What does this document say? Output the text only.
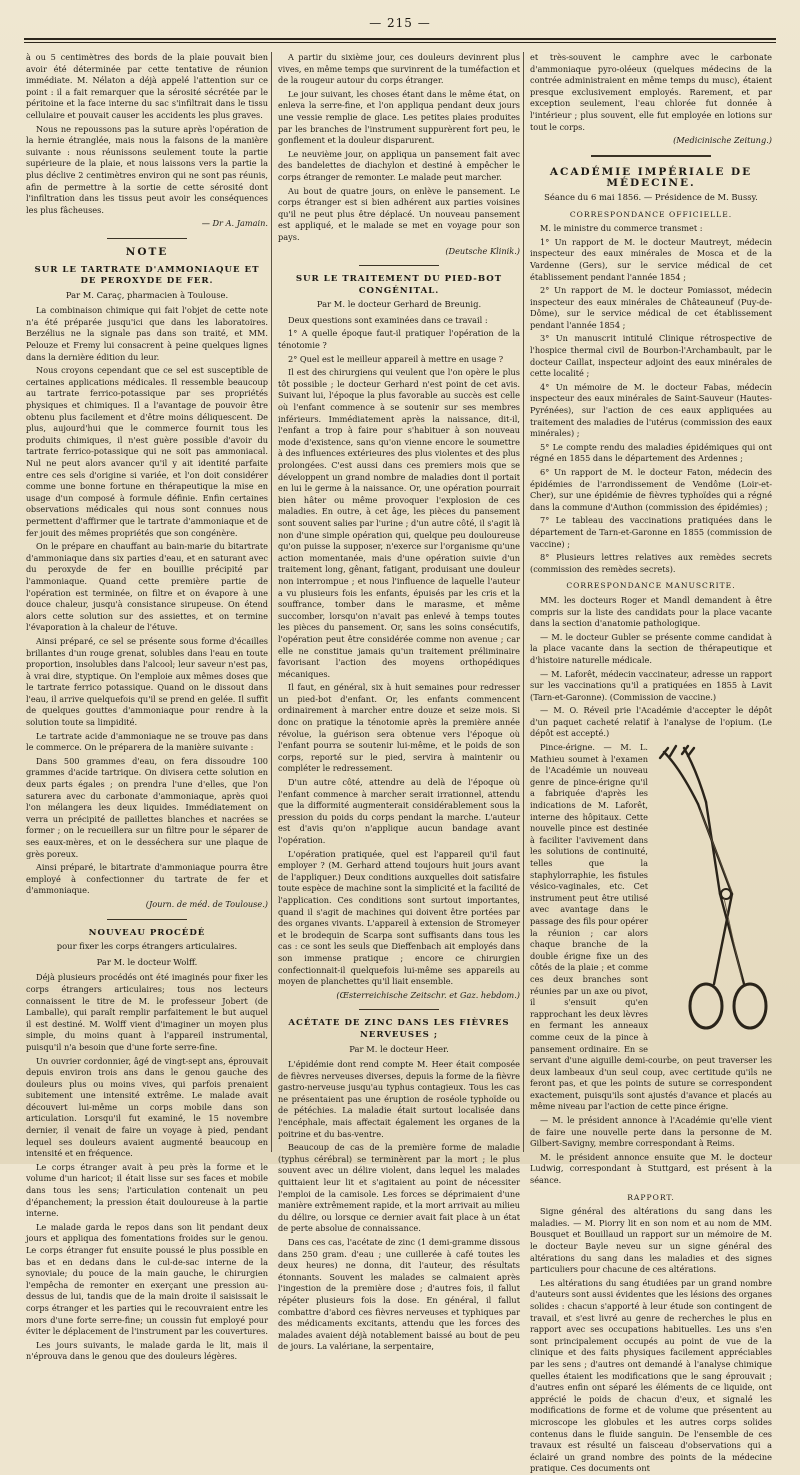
— 215 —

à ou 5 centimètres des bords de la plaie pouvait bien avoir été déterminée par cette tentative de réunion immédiate. M. Nélaton a déjà appelé l'attention sur ce point : il a fait remarquer que la sérosité sécrétée par le péritoine et la face interne du sac s'infiltrait dans le tissu cellulaire et pouvait causer les accidents les plus graves.

Nous ne repoussons pas la suture après l'opération de la hernie étranglée, mais nous la faisons de la manière suivante : nous réunissons seulement toute la partie supérieure de la plaie, et nous laissons vers la partie la plus déclive 2 centimètres environ qui ne sont pas réunis, afin de permettre à la sortie de cette sérosité dont l'infiltration dans les tissus peut avoir les conséquences les plus fâcheuses.

— Dr A. Jamain.
NOTE
SUR LE TARTRATE D'AMMONIAQUE ET DE PEROXYDE DE FER.
Par M. Caraç, pharmacien à Toulouse.

La combinaison chimique qui fait l'objet de cette note n'a été préparée jusqu'ici que dans les laboratoires. Berzélius ne la signale pas dans son traité, et MM. Pelouze et Fremy lui consacrent à peine quelques lignes dans la dernière édition du leur.

Nous croyons cependant que ce sel est susceptible de certaines applications médicales. Il ressemble beaucoup au tartrate ferrico-potassique par ses propriétés physiques et chimiques. Il a l'avantage de pouvoir être obtenu plus facilement et d'être moins déliquescent. De plus, aujourd'hui que le commerce fournit tous les produits chimiques, il n'est guère possible d'avoir du tartrate ferrico-potassique qui ne soit pas ammoniacal. Nul ne peut alors avancer qu'il y ait identité parfaite entre ces sels d'origine si variée, et l'on doit considérer comme une bonne fortune en thérapeutique la mise en usage d'un composé à formule définie. Enfin certaines observations médicales qui nous sont connues nous permettent d'affirmer que le tartrate d'ammoniaque et de fer jouit des mêmes propriétés que son congénère.

On le prépare en chauffant au bain-marie du bitartrate d'ammoniaque dans six parties d'eau, et en saturant avec du peroxyde de fer en bouillie précipité par l'ammoniaque. Quand cette première partie de l'opération est terminée, on filtre et on évapore à une douce chaleur, jusqu'à consistance sirupeuse. On étend alors cette solution sur des assiettes, et on termine l'évaporation à la chaleur de l'étuve.

Ainsi préparé, ce sel se présente sous forme d'écailles brillantes d'un rouge grenat, solubles dans l'eau en toute proportion, insolubles dans l'alcool; leur saveur n'est pas, à vrai dire, styptique. On l'emploie aux mêmes doses que le tartrate ferrico potassique. Quand on le dissout dans l'eau, il arrive quelquefois qu'il se prend en gelée. Il suffit de quelques gouttes d'ammoniaque pour rendre à la solution toute sa limpidité.

Le tartrate acide d'ammoniaque ne se trouve pas dans le commerce. On le préparera de la manière suivante :

Dans 500 grammes d'eau, on fera dissoudre 100 grammes d'acide tartrique. On divisera cette solution en deux parts égales ; on prendra l'une d'elles, que l'on saturera avec du carbonate d'ammoniaque, après quoi l'on mélangera les deux liquides. Immédiatement on verra un précipité de paillettes blanches et nacrées se former ; on le recueillera sur un filtre pour le séparer de ses eaux-mères, et on le desséchera sur une plaque de grès poreux.

Ainsi préparé, le bitartrate d'ammoniaque pourra être employé à confectionner du tartrate de fer et d'ammoniaque.

(Journ. de méd. de Toulouse.)
NOUVEAU PROCÉDÉ
pour fixer les corps étrangers articulaires.
Par M. le docteur Wolff.

Déjà plusieurs procédés ont été imaginés pour fixer les corps étrangers articulaires; tous nos lecteurs connaissent le titre de M. le professeur Jobert (de Lamballe), qui paraît remplir parfaitement le but auquel il est destiné. M. Wolff vient d'imaginer un moyen plus simple, du moins quant à l'appareil instrumental, puisqu'il n'a besoin que d'une forte serre-fine.

Un ouvrier cordonnier, âgé de vingt-sept ans, éprouvait depuis environ trois ans dans le genou gauche des douleurs plus ou moins vives, qui parfois prenaient subitement une intensité extrême. Le malade avait découvert lui-même un corps mobile dans son articulation. Lorsqu'il fut examiné, le 15 novembre dernier, il venait de faire un voyage à pied, pendant lequel ses douleurs avaient augmenté beaucoup en intensité et en fréquence.

Le corps étranger avait à peu près la forme et le volume d'un haricot; il était lisse sur ses faces et mobile dans tous les sens; l'articulation contenait un peu d'épanchement; la pression était douloureuse à la partie interne.

Le malade garda le repos dans son lit pendant deux jours et appliqua des fomentations froides sur le genou. Le corps étranger fut ensuite poussé le plus possible en bas et en dedans dans le cul-de-sac interne de la synoviale; du pouce de la main gauche, le chirurgien l'empêcha de remonter en exerçant une pression au-dessus de lui, tandis que de la main droite il saisissait le corps étranger et les parties qui le recouvraient entre les mors d'une forte serre-fine; un coussin fut employé pour éviter le déplacement de l'instrument par les couvertures.

Les jours suivants, le malade garda le lit, mais il n'éprouva dans le genou que des douleurs légères.

A partir du sixième jour, ces douleurs devinrent plus vives, en même temps que survinrent de la tuméfaction et de la rougeur autour du corps étranger.

Le jour suivant, les choses étant dans le même état, on enleva la serre-fine, et l'on appliqua pendant deux jours une vessie remplie de glace. Les petites plaies produites par les branches de l'instrument suppurèrent fort peu, le gonflement et la douleur disparurent.

Le neuvième jour, on appliqua un pansement fait avec des bandelettes de diachylon et destiné à empêcher le corps étranger de remonter. Le malade peut marcher.

Au bout de quatre jours, on enlève le pansement. Le corps étranger est si bien adhérent aux parties voisines qu'il ne peut plus être déplacé. Un nouveau pansement est appliqué, et le malade se met en voyage pour son pays.

(Deutsche Klinik.)
SUR LE TRAITEMENT DU PIED-BOT CONGÉNITAL.
Par M. le docteur Gerhard de Breunig.

Deux questions sont examinées dans ce travail :

1° A quelle époque faut-il pratiquer l'opération de la ténotomie ?

2° Quel est le meilleur appareil à mettre en usage ?

Il est des chirurgiens qui veulent que l'on opère le plus tôt possible ; le docteur Gerhard n'est point de cet avis. Suivant lui, l'époque la plus favorable au succès est celle où l'enfant commence à se soutenir sur ses membres inférieurs. Immédiatement après la naissance, dit-il, l'enfant a trop à faire pour s'habituer à son nouveau mode d'existence, sans qu'on vienne encore le soumettre à des influences extérieures des plus violentes et des plus prolongées. C'est aussi dans ces premiers mois que se développent un grand nombre de maladies dont il portait en lui le germe à la naissance. Or, une opération pourrait bien hâter ou même provoquer l'explosion de ces maladies. En outre, à cet âge, les pièces du pansement sont souvent salies par l'urine ; d'un autre côté, il s'agit là non d'une simple opération qui, quelque peu douloureuse qu'on puisse la supposer, n'exerce sur l'organisme qu'une action momentanée, mais d'une opération suivie d'un traitement long, gênant, fatigant, produisant une douleur non interrompue ; et nous l'influence de laquelle l'auteur a vu plusieurs fois les enfants, épuisés par les cris et la souffrance, tomber dans le marasme, et même succomber, lorsqu'on n'avait pas enlevé à temps toutes les pièces du pansement. Or, sans les soins consécutifs, l'opération peut être considérée comme non avenue ; car elle ne constitue jamais qu'un traitement préliminaire favorisant l'action des moyens orthopédiques mécaniques.

Il faut, en général, six à huit semaines pour redresser un pied-bot d'enfant. Or, les enfants commencent ordinairement à marcher entre douze et seize mois. Si donc on pratique la ténotomie après la première année révolue, la guérison sera obtenue vers l'époque où l'enfant pourra se soutenir lui-même, et le poids de son corps, reporté sur le pied, servira à maintenir ou compléter le redressement.

D'un autre côté, attendre au delà de l'époque où l'enfant commence à marcher serait irrationnel, attendu que la difformité augmenterait considérablement sous la pression du poids du corps pendant la marche. L'auteur est d'avis qu'on n'applique aucun bandage avant l'opération.

L'opération pratiquée, quel est l'appareil qu'il faut employer ? (M. Gerhard attend toujours huit jours avant de l'appliquer.) Deux conditions auxquelles doit satisfaire toute espèce de machine sont la simplicité et la facilité de l'application. Ces conditions sont surtout importantes, quand il s'agit de machines qui doivent être portées par des organes vivants. L'appareil à extension de Stromeyer et le brodequin de Scarpa sont suffisants dans tous les cas : ce sont les seuls que Dieffenbach ait employés dans son immense pratique ; encore ce chirurgien confectionnait-il quelquefois lui-même ses appareils au moyen de planchettes qu'il liait ensemble.

(Œsterreichische Zeitschr. et Gaz. hebdom.)
ACÉTATE DE ZINC DANS LES FIÈVRES NERVEUSES ;
Par M. le docteur Heer.

L'épidémie dont rend compte M. Heer était composée de fièvres nerveuses diverses, depuis la forme de la fièvre gastro-nerveuse jusqu'au typhus contagieux. Tous les cas ne présentaient pas une éruption de roséole typhoïde ou de pétéchies. La maladie était surtout localisée dans l'encéphale, mais affectait également les organes de la poitrine et du bas-ventre.

Beaucoup de cas de la première forme de maladie (typhus cérébral) se terminèrent par la mort ; le plus souvent avec un délire violent, dans lequel les malades quittaient leur lit et s'agitaient au point de nécessiter l'emploi de la camisole. Les forces se déprimaient d'une manière extrêmement rapide, et la mort arrivait au milieu du délire, ou lorsque ce dernier avait fait place à un état de perte absolue de connaissance.

Dans ces cas, l'acétate de zinc (1 demi-gramme dissous dans 250 gram. d'eau ; une cuillerée à café toutes les deux heures) ne donna, dit l'auteur, des résultats étonnants. Souvent les malades se calmaient après l'ingestion de la première dose ; d'autres fois, il fallut répéter plusieurs fois la dose. En général, il fallut combattre d'abord ces fièvres nerveuses et typhiques par des médicaments excitants, attendu que les forces des malades avaient déjà notablement baissé au bout de peu de jours. La valériane, la serpentaire,

et très-souvent le camphre avec le carbonate d'ammoniaque pyro-oléeux (quelques médecins de la contrée administraient en même temps du musc), étaient presque exclusivement employés. Rarement, et par exception seulement, l'eau chlorée fut donnée à l'intérieur ; plus souvent, elle fut employée en lotions sur tout le corps.

(Medicinische Zeitung.)
ACADÉMIE IMPÉRIALE DE MÉDECINE.
Séance du 6 mai 1856. — Présidence de M. Bussy.
CORRESPONDANCE OFFICIELLE.

M. le ministre du commerce transmet :

1° Un rapport de M. le docteur Mautreyt, médecin inspecteur des eaux minérales de Mosca et de la Vardenne (Gers), sur le service médical de cet établissement pendant l'année 1854 ;

2° Un rapport de M. le docteur Pomiassot, médecin inspecteur des eaux minérales de Châteauneuf (Puy-de-Dôme), sur le service médical de cet établissement pendant l'année 1854 ;

3° Un manuscrit intitulé Clinique rétrospective de l'hospice thermal civil de Bourbon-l'Archambault, par le docteur Caillat, inspecteur adjoint des eaux minérales de cette localité ;

4° Un mémoire de M. le docteur Fabas, médecin inspecteur des eaux minérales de Saint-Sauveur (Hautes-Pyrénées), sur l'action de ces eaux appliquées au traitement des maladies de l'utérus (commission des eaux minérales) ;

5° Le compte rendu des maladies épidémiques qui ont régné en 1855 dans le département des Ardennes ;

6° Un rapport de M. le docteur Faton, médecin des épidémies de l'arrondissement de Vendôme (Loir-et-Cher), sur une épidémie de fièvres typhoïdes qui a régné dans la commune d'Authon (commission des épidémies) ;

7° Le tableau des vaccinations pratiquées dans le département de Tarn-et-Garonne en 1855 (commission de vaccine) ;

8° Plusieurs lettres relatives aux remèdes secrets (commission des remèdes secrets).

CORRESPONDANCE MANUSCRITE.

MM. les docteurs Roger et Mandl demandent à être compris sur la liste des candidats pour la place vacante dans la section d'anatomie pathologique.

— M. le docteur Gubler se présente comme candidat à la place vacante dans la section de thérapeutique et d'histoire naturelle médicale.

— M. Laforêt, médecin vaccinateur, adresse un rapport sur les vaccinations qu'il a pratiquées en 1855 à Lavit (Tarn-et-Garonne). (Commission de vaccine.)

— M. O. Réveil prie l'Académie d'accepter le dépôt d'un paquet cacheté relatif à l'analyse de l'opium. (Le dépôt est accepté.)

Pince-érigne. — M. L. Mathieu soumet à l'examen de l'Académie un nouveau genre de pince-érigne qu'il a fabriquée d'après les indications de M. Laforêt, interne des hôpitaux. Cette nouvelle pince est destinée à faciliter l'avivement dans les solutions de continuité, telles que la staphylorraphie, les fistules vésico-vaginales, etc. Cet instrument peut être utilisé avec avantage dans le passage des fils pour opérer la réunion ; car alors chaque branche de la double érigne fixe un des côtés de la plaie ; et comme ces deux branches sont réunies par un axe ou pivot, il s'ensuit qu'en rapprochant les deux lèvres en fermant les anneaux comme ceux de la pince à pansement ordinaire. En se servant d'une aiguille demi-courbe, on peut traverser les deux lambeaux d'un seul coup, avec certitude qu'ils ne feront pas, et que les points de suture se correspondent exactement, puisqu'ils sont ajustés d'avance et placés au même niveau par l'action de cette pince érigne.

— M. le président annonce à l'Académie qu'elle vient de faire une nouvelle perte dans la personne de M. Gilbert-Savigny, membre correspondant à Reims.

M. le président annonce ensuite que M. le docteur Ludwig, correspondant à Stuttgard, est présent à la séance.

RAPPORT.

Signe général des altérations du sang dans les maladies. — M. Piorry lit en son nom et au nom de MM. Bousquet et Bouillaud un rapport sur un mémoire de M. le docteur Bayle neveu sur un signe général des altérations du sang dans les maladies et des signes particuliers pour chacune de ces altérations.

Les altérations du sang étudiées par un grand nombre d'auteurs sont aussi évidentes que les lésions des organes solides : chacun s'apporté à leur étude son contingent de travail, et s'est livré au genre de recherches le plus en rapport avec ses occupations habituelles. Les uns s'en sont principalement occupés au point de vue de la clinique et des faits physiques facilement appréciables par les sens ; d'autres ont demandé à l'analyse chimique quelles étaient les modifications que le sang éprouvait ; d'autres enfin ont séparé les éléments de ce liquide, ont apprécié le poids de chacun d'eux, et signalé les modifications de forme et de volume que présentent au microscope les globules et les autres corps solides contenus dans le fluide sanguin. De l'ensemble de ces travaux est résulté un faisceau d'observations qui a éclairé un grand nombre des points de la médecine pratique. Ces documents ont
